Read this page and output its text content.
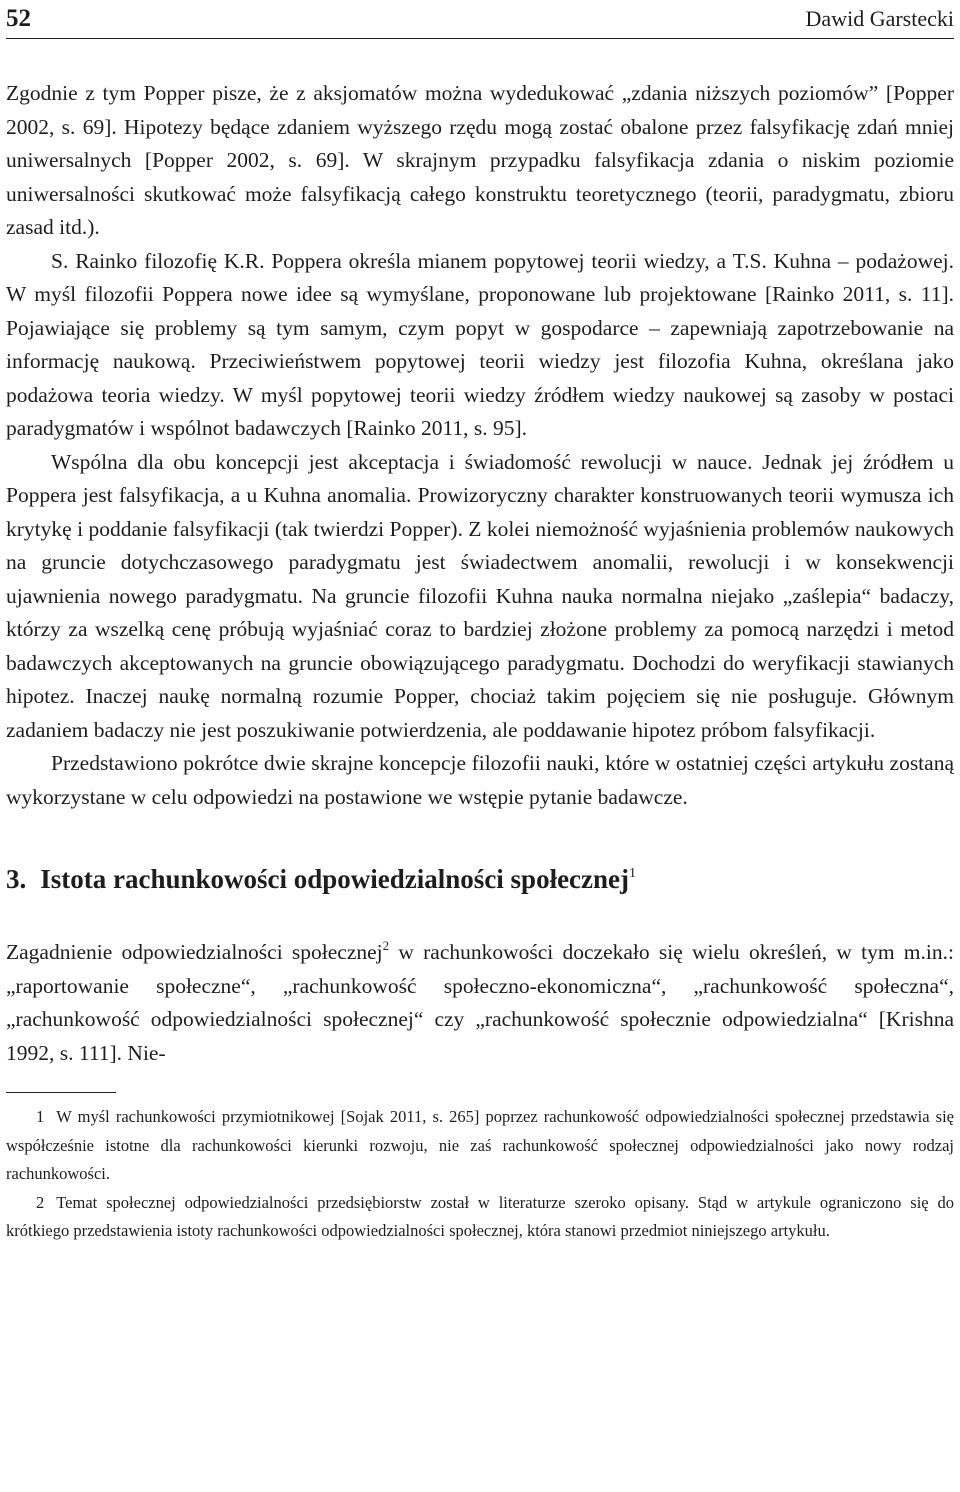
52	Dawid Garstecki

Zgodnie z tym Popper pisze, że z aksjomatów można wydedukować „zdania niższych poziomów” [Popper 2002, s. 69]. Hipotezy będące zdaniem wyższego rzędu mogą zostać obalone przez falsyfikację zdań mniej uniwersalnych [Popper 2002, s. 69]. W skrajnym przypadku falsyfikacja zdania o niskim poziomie uniwersalności skutkować może falsyfikacją całego konstruktu teoretycznego (teorii, paradygmatu, zbioru zasad itd.).

S. Rainko filozofię K.R. Poppera określa mianem popytowej teorii wiedzy, a T.S. Kuhna – podażowej. W myśl filozofii Poppera nowe idee są wymyślane, proponowane lub projektowane [Rainko 2011, s. 11]. Pojawiające się problemy są tym samym, czym popyt w gospodarce – zapewniają zapotrzebowanie na informację naukową. Przeciwieństwem popytowej teorii wiedzy jest filozofia Kuhna, określana jako podażowa teoria wiedzy. W myśl popytowej teorii wiedzy źródłem wiedzy naukowej są zasoby w postaci paradygmatów i wspólnot badawczych [Rainko 2011, s. 95].

Wspólna dla obu koncepcji jest akceptacja i świadomość rewolucji w nauce. Jednak jej źródłem u Poppera jest falsyfikacja, a u Kuhna anomalia. Prowizoryczny charakter konstruowanych teorii wymusza ich krytykę i poddanie falsyfikacji (tak twierdzi Popper). Z kolei niemożność wyjaśnienia problemów naukowych na gruncie dotychczasowego paradygmatu jest świadectwem anomalii, rewolucji i w konsekwencji ujawnienia nowego paradygmatu. Na gruncie filozofii Kuhna nauka normalna niejako „zaślepia“ badaczy, którzy za wszelką cenę próbują wyjaśniać coraz to bardziej złożone problemy za pomocą narzędzi i metod badawczych akceptowanych na gruncie obowiązującego paradygmatu. Dochodzi do weryfikacji stawianych hipotez. Inaczej naukę normalną rozumie Popper, chociaż takim pojęciem się nie posługuje. Głównym zadaniem badaczy nie jest poszukiwanie potwierdzenia, ale poddawanie hipotez próbom falsyfikacji.

Przedstawiono pokrótce dwie skrajne koncepcje filozofii nauki, które w ostatniej części artykułu zostaną wykorzystane w celu odpowiedzi na postawione we wstępie pytanie badawcze.

3. Istota rachunkowości odpowiedzialności społecznej$^1$

Zagadnienie odpowiedzialności społecznej$^2$ w rachunkowości doczekało się wielu określeń, w tym m.in.: „raportowanie społeczne“, „rachunkowość społeczno-ekonomiczna“, „rachunkowość społeczna“, „rachunkowość odpowiedzialności społecznej“ czy „rachunkowość społecznie odpowiedzialna“ [Krishna 1992, s. 111]. Nie-

1 W myśl rachunkowości przymiotnikowej [Sojak 2011, s. 265] poprzez rachunkowość odpowiedzialności społecznej przedstawia się współcześnie istotne dla rachunkowości kierunki rozwoju, nie zaś rachunkowość społecznej odpowiedzialności jako nowy rodzaj rachunkowości.

2 Temat społecznej odpowiedzialności przedsiębiorstw został w literaturze szeroko opisany. Stąd w artykule ograniczono się do krótkiego przedstawienia istoty rachunkowości odpowiedzialności społecznej, która stanowi przedmiot niniejszego artykułu.
